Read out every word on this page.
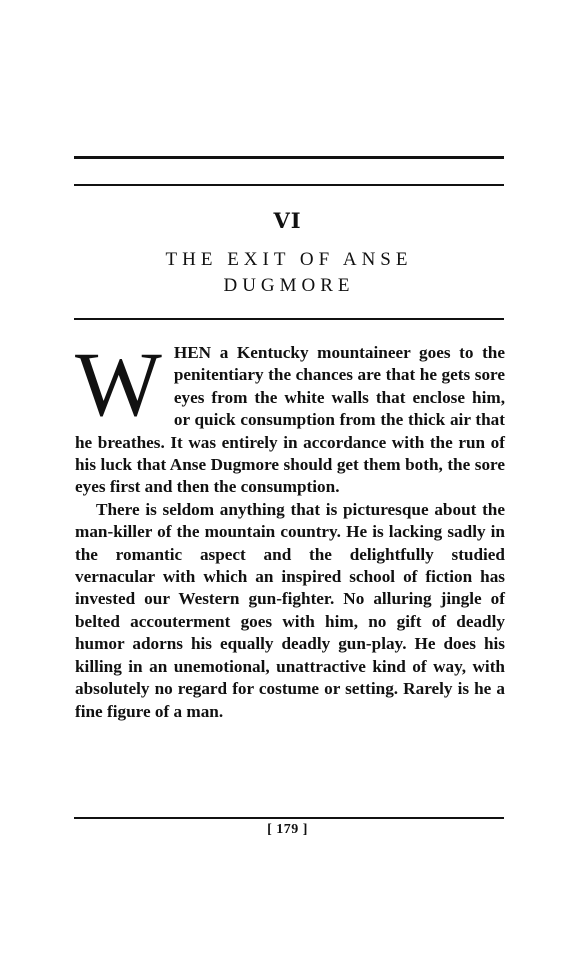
VI
THE EXIT OF ANSE
DUGMORE

WHEN a Kentucky mountaineer goes to the penitentiary the chances are that he gets sore eyes from the white walls that enclose him, or quick consumption from the thick air that he breathes. It was entirely in accordance with the run of his luck that Anse Dugmore should get them both, the sore eyes first and then the consumption.

There is seldom anything that is picturesque about the man-killer of the mountain country. He is lacking sadly in the romantic aspect and the delightfully studied vernacular with which an inspired school of fiction has invested our Western gun-fighter. No alluring jingle of belted accouterment goes with him, no gift of deadly humor adorns his equally deadly gun-play. He does his killing in an unemotional, unattractive kind of way, with absolutely no regard for costume or setting. Rarely is he a fine figure of a man.

[ 179 ]
